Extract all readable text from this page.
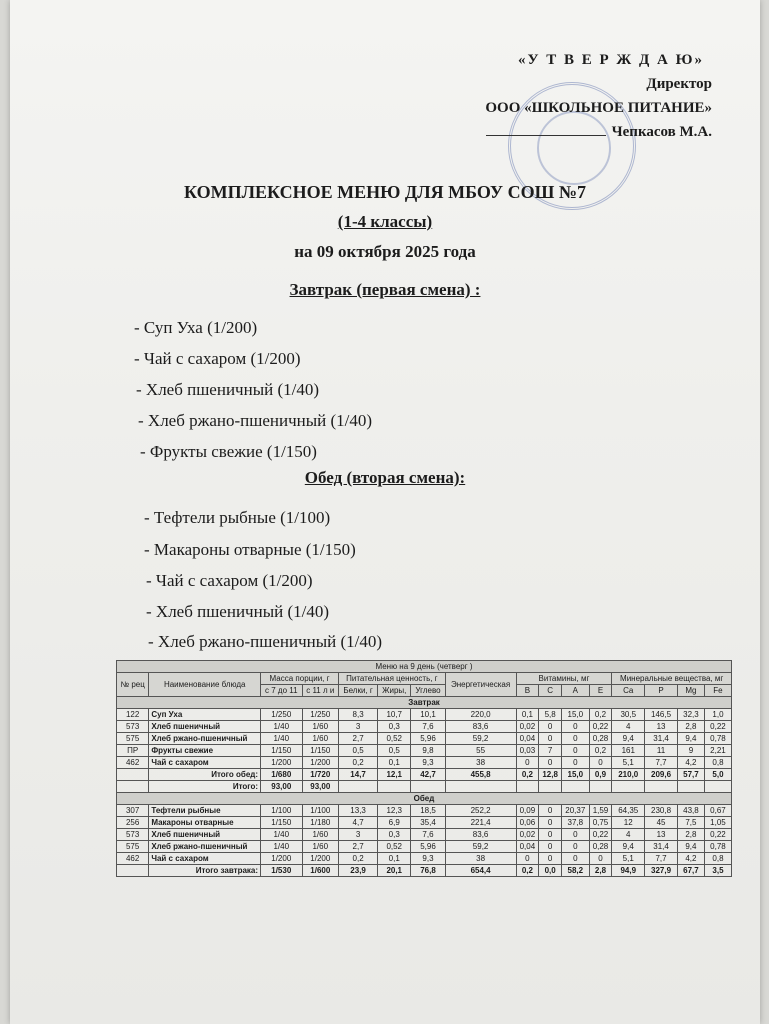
«У Т В Е Р Ж Д А Ю»
Директор
ООО «ШКОЛЬНОЕ ПИТАНИЕ»
Чепкасов М.А.
КОМПЛЕКСНОЕ МЕНЮ ДЛЯ МБОУ СОШ №7
(1-4 классы)
на 09 октября 2025 года
Завтрак (первая смена) :
- Суп Уха (1/200)
- Чай с сахаром (1/200)
- Хлеб пшеничный (1/40)
- Хлеб ржано-пшеничный (1/40)
- Фрукты свежие (1/150)
Обед (вторая смена):
- Тефтели рыбные (1/100)
- Макароны отварные (1/150)
- Чай с сахаром (1/200)
- Хлеб пшеничный (1/40)
- Хлеб ржано-пшеничный (1/40)
Меню на 9 день (четверг )															
№ рец	Наименование блюда	Масса порции, г		Питательная ценность, г			Энергетическая	Витамины, мг				Минеральные вещества, мг			
		с 7 до 11	с 11 л и	Белки, г	Жиры,	Углево		B	C	A	E	Ca	P	Mg	Fe
Завтрак															
122	Суп Уха	1/250	1/250	8,3	10,7	10,1	220,0	0,1	5,8	15,0	0,2	30,5	146,5	32,3	1,0
573	Хлеб пшеничный	1/40	1/60	3	0,3	7,6	83,6	0,02	0	0	0,22	4	13	2,8	0,22
575	Хлеб ржано-пшеничный	1/40	1/60	2,7	0,52	5,96	59,2	0,04	0	0	0,28	9,4	31,4	9,4	0,78
ПР	Фрукты свежие	1/150	1/150	0,5	0,5	9,8	55	0,03	7	0	0,2	161	11	9	2,21
462	Чай с сахаром	1/200	1/200	0,2	0,1	9,3	38	0	0	0	0	5,1	7,7	4,2	0,8
	Итого обед:	1/680	1/720	14,7	12,1	42,7	455,8	0,2	12,8	15,0	0,9	210,0	209,6	57,7	5,0
	Итого:	93,00	93,00												
Обед															
307	Тефтели рыбные	1/100	1/100	13,3	12,3	18,5	252,2	0,09	0	20,37	1,59	64,35	230,8	43,8	0,67
256	Макароны отварные	1/150	1/180	4,7	6,9	35,4	221,4	0,06	0	37,8	0,75	12	45	7,5	1,05
573	Хлеб пшеничный	1/40	1/60	3	0,3	7,6	83,6	0,02	0	0	0,22	4	13	2,8	0,22
575	Хлеб ржано-пшеничный	1/40	1/60	2,7	0,52	5,96	59,2	0,04	0	0	0,28	9,4	31,4	9,4	0,78
462	Чай с сахаром	1/200	1/200	0,2	0,1	9,3	38	0	0	0	0	5,1	7,7	4,2	0,8
	Итого завтрака:	1/530	1/600	23,9	20,1	76,8	654,4	0,2	0,0	58,2	2,8	94,9	327,9	67,7	3,5
